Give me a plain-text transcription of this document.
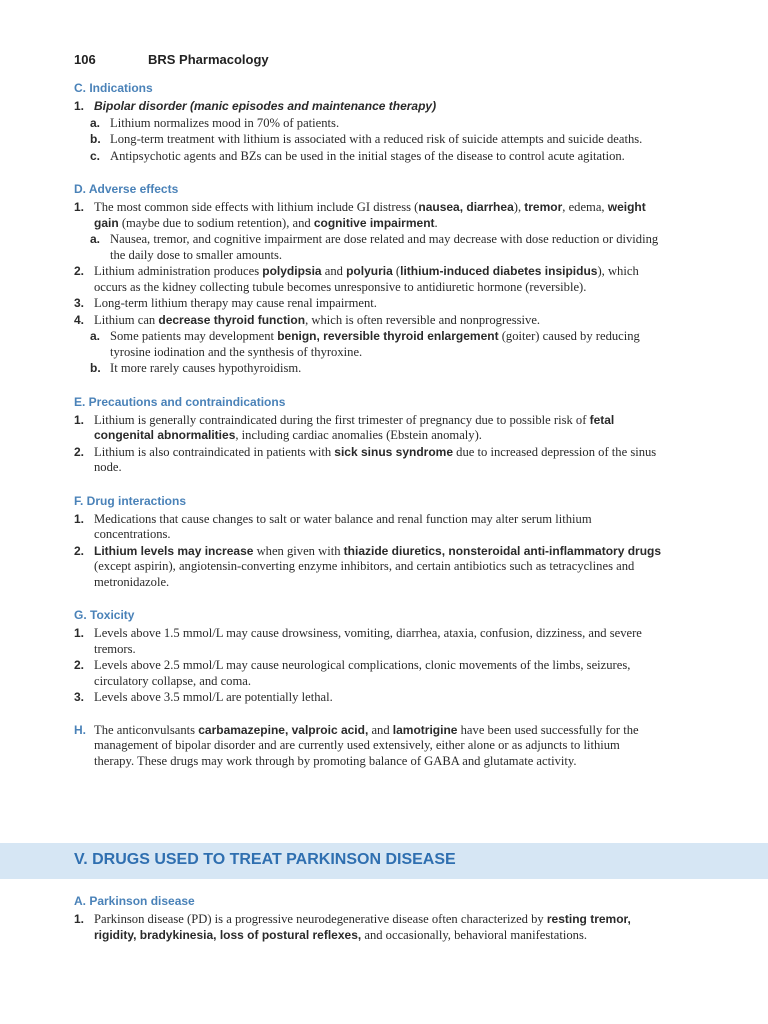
106	BRS Pharmacology
C. Indications
1. Bipolar disorder (manic episodes and maintenance therapy)
a. Lithium normalizes mood in 70% of patients.
b. Long-term treatment with lithium is associated with a reduced risk of suicide attempts and suicide deaths.
c. Antipsychotic agents and BZs can be used in the initial stages of the disease to control acute agitation.
D. Adverse effects
1. The most common side effects with lithium include GI distress (nausea, diarrhea), tremor, edema, weight gain (maybe due to sodium retention), and cognitive impairment.
a. Nausea, tremor, and cognitive impairment are dose related and may decrease with dose reduction or dividing the daily dose to smaller amounts.
2. Lithium administration produces polydipsia and polyuria (lithium-induced diabetes insipidus), which occurs as the kidney collecting tubule becomes unresponsive to antidiuretic hormone (reversible).
3. Long-term lithium therapy may cause renal impairment.
4. Lithium can decrease thyroid function, which is often reversible and nonprogressive.
a. Some patients may development benign, reversible thyroid enlargement (goiter) caused by reducing tyrosine iodination and the synthesis of thyroxine.
b. It more rarely causes hypothyroidism.
E. Precautions and contraindications
1. Lithium is generally contraindicated during the first trimester of pregnancy due to possible risk of fetal congenital abnormalities, including cardiac anomalies (Ebstein anomaly).
2. Lithium is also contraindicated in patients with sick sinus syndrome due to increased depression of the sinus node.
F. Drug interactions
1. Medications that cause changes to salt or water balance and renal function may alter serum lithium concentrations.
2. Lithium levels may increase when given with thiazide diuretics, nonsteroidal anti-inflammatory drugs (except aspirin), angiotensin-converting enzyme inhibitors, and certain antibiotics such as tetracyclines and metronidazole.
G. Toxicity
1. Levels above 1.5 mmol/L may cause drowsiness, vomiting, diarrhea, ataxia, confusion, dizziness, and severe tremors.
2. Levels above 2.5 mmol/L may cause neurological complications, clonic movements of the limbs, seizures, circulatory collapse, and coma.
3. Levels above 3.5 mmol/L are potentially lethal.
H. The anticonvulsants carbamazepine, valproic acid, and lamotrigine have been used successfully for the management of bipolar disorder and are currently used extensively, either alone or as adjuncts to lithium therapy. These drugs may work through by promoting balance of GABA and glutamate activity.
V. DRUGS USED TO TREAT PARKINSON DISEASE
A. Parkinson disease
1. Parkinson disease (PD) is a progressive neurodegenerative disease often characterized by resting tremor, rigidity, bradykinesia, loss of postural reflexes, and occasionally, behavioral manifestations.
